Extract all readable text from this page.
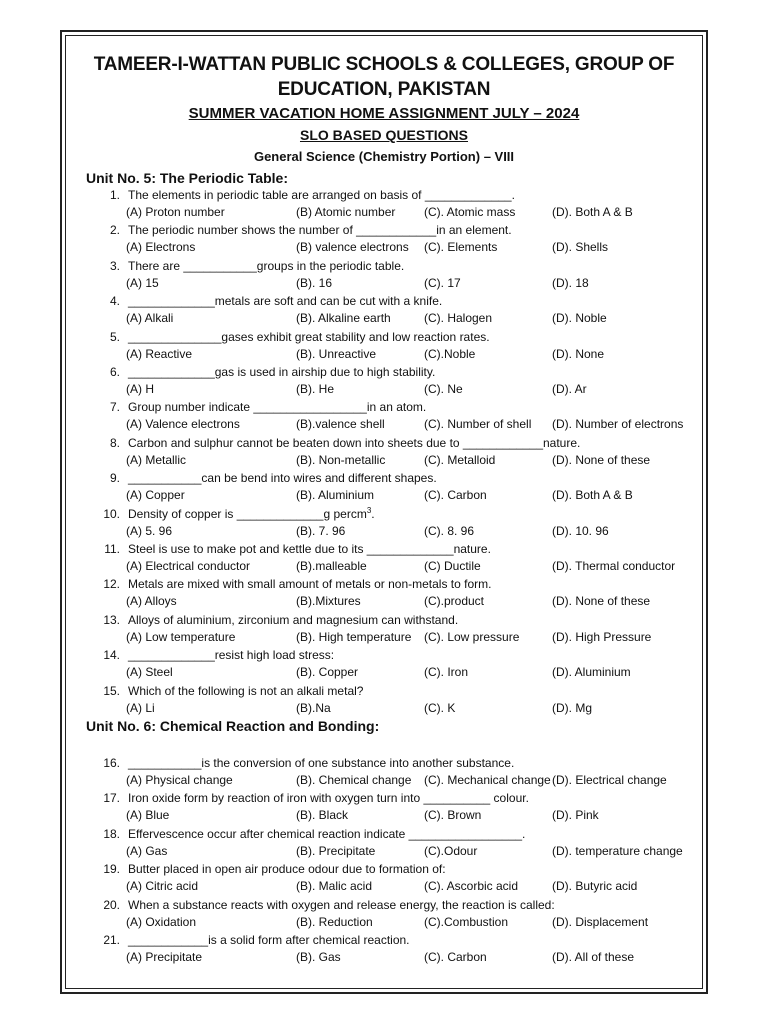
TAMEER-I-WATTAN PUBLIC SCHOOLS & COLLEGES, GROUP OF
EDUCATION, PAKISTAN
SUMMER VACATION HOME ASSIGNMENT JULY – 2024
SLO BASED QUESTIONS
General Science (Chemistry Portion) – VIII
Unit No. 5: The Periodic Table:
1. The elements in periodic table are arranged on basis of _____________.
(A) Proton number	(B) Atomic number (C). Atomic mass	(D). Both A & B
2. The periodic number shows the number of ____________in an element.
(A) Electrons	(B) valence electrons (C). Elements	(D). Shells
3. There are ___________groups in the periodic table.
(A) 15	(B). 16	(C). 17	(D). 18
4. _____________metals are soft and can be cut with a knife.
(A) Alkali	(B). Alkaline earth	(C). Halogen	(D). Noble
5. ______________gases exhibit great stability and low reaction rates.
(A) Reactive	(B). Unreactive	(C).Noble	(D). None
6. _____________gas is used in airship due to high stability.
(A) H	(B). He	(C). Ne	(D). Ar
7. Group number indicate _________________in an atom.
(A) Valence electrons	(B).valence shell	(C). Number of shell (D). Number of electrons
8. Carbon and sulphur cannot be beaten down into sheets due to ____________nature.
(A) Metallic	(B). Non-metallic	(C). Metalloid	(D). None of these
9. ___________can be bend into wires and different shapes.
(A) Copper	(B). Aluminium	(C). Carbon	(D). Both A & B
10. Density of copper is _____________g percm$^3$.
(A) 5. 96	(B). 7. 96	(C). 8. 96	(D). 10. 96
11. Steel is use to make pot and kettle due to its _____________nature.
(A) Electrical conductor	(B).malleable	(C) Ductile	(D). Thermal conductor
12. Metals are mixed with small amount of metals or non-metals to form.
(A) Alloys	(B).Mixtures	(C).product	(D). None of these
13. Alloys of aluminium, zirconium and magnesium can withstand.
(A) Low temperature	(B). High temperature (C). Low pressure	(D). High Pressure
14. _____________resist high load stress:
(A) Steel	(B). Copper	(C). Iron	(D). Aluminium
15. Which of the following is not an alkali metal?
(A) Li	(B).Na	(C). K	(D). Mg
Unit No. 6: Chemical Reaction and Bonding:
16. ___________is the conversion of one substance into another substance.
(A) Physical change	(B). Chemical change (C). Mechanical change (D). Electrical change
17. Iron oxide form by reaction of iron with oxygen turn into __________ colour.
(A) Blue	(B). Black	(C). Brown	(D). Pink
18. Effervescence occur after chemical reaction indicate _________________.
(A) Gas	(B). Precipitate	(C).Odour	(D). temperature change
19. Butter placed in open air produce odour due to formation of:
(A) Citric acid	(B). Malic acid	(C). Ascorbic acid	(D). Butyric acid
20. When a substance reacts with oxygen and release energy, the reaction is called:
(A) Oxidation	(B). Reduction	(C).Combustion	(D). Displacement
21. ____________is a solid form after chemical reaction.
(A) Precipitate	(B). Gas	(C). Carbon	(D). All of these
